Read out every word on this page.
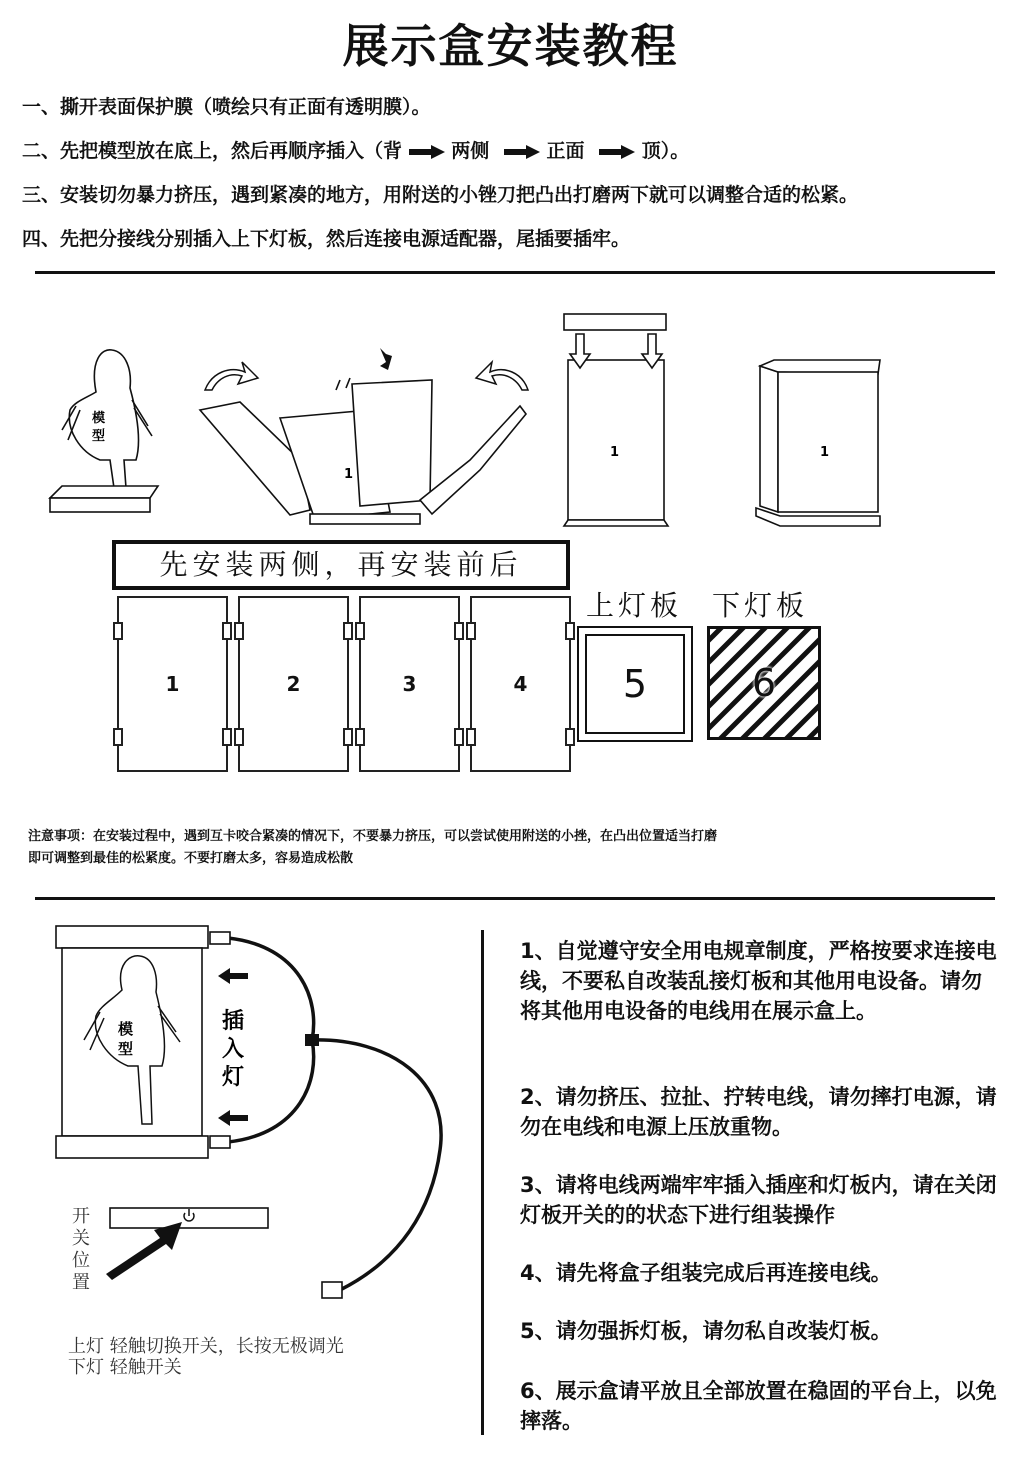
展示盒安装教程
一、撕开表面保护膜（喷绘只有正面有透明膜）。
二、先把模型放在底上，然后再顺序插入（背	两侧	正面	顶）。
三、安装切勿暴力挤压，遇到紧凑的地方，用附送的小锉刀把凸出打磨两下就可以调整合适的松紧。
四、先把分接线分别插入上下灯板，然后连接电源适配器，尾插要插牢。
模
型
1
1	1
先安装两侧，再安装前后
1	2	3	4
上灯板
5
下灯板
6
注意事项：在安装过程中，遇到互卡咬合紧凑的情况下，不要暴力挤压，可以尝试使用附送的小挫，在凸出位置适当打磨
即可调整到最佳的松紧度。不要打磨太多，容易造成松散
模
型
插
入
灯
开
关
位
置
上灯 轻触切换开关，长按无极调光
下灯 轻触开关
1、自觉遵守安全用电规章制度，严格按要求连接电线，不要私自改装乱接灯板和其他用电设备。请勿将其他用电设备的电线用在展示盒上。
2、请勿挤压、拉扯、拧转电线，请勿摔打电源，请勿在电线和电源上压放重物。
3、请将电线两端牢牢插入插座和灯板内，请在关闭灯板开关的的状态下进行组装操作
4、请先将盒子组装完成后再连接电线。
5、请勿强拆灯板，请勿私自改装灯板。
6、展示盒请平放且全部放置在稳固的平台上，以免摔落。
